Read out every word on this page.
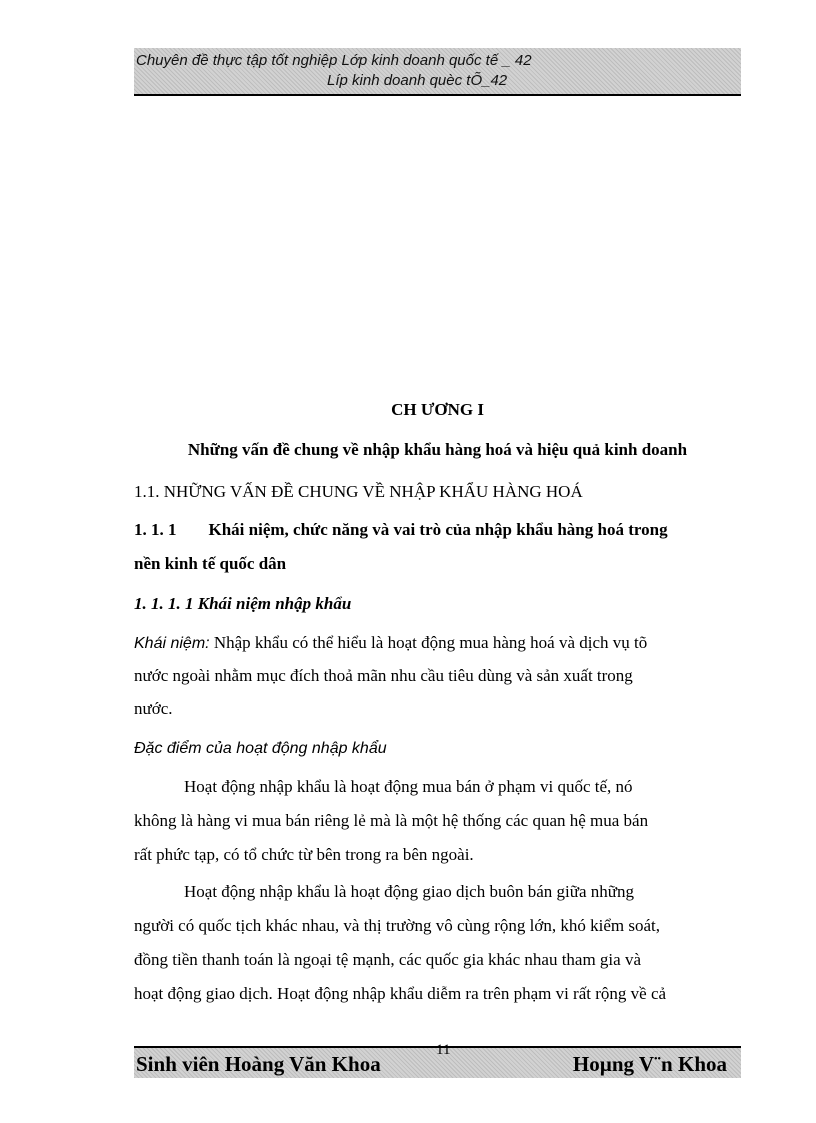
Chuyên đề thực tập tốt nghiệp Lớp kinh doanh quốc tế _ 42
Líp kinh doanh quèc tÕ_42
CH ƯƠNG I
Những vấn đề chung về nhập khẩu hàng hoá và hiệu quả kinh doanh
1.1. NHỮNG VẤN ĐỀ CHUNG VỀ NHẬP KHẨU HÀNG HOÁ
1. 1. 1 Khái niệm, chức năng và vai trò của nhập khẩu hàng hoá trong
nền kinh tế quốc dân
1. 1. 1. 1 Khái niệm nhập khẩu
Khái niệm: Nhập khẩu có thể hiểu là hoạt động mua hàng hoá và dịch vụ tõ
nước ngoài nhằm mục đích thoả mãn nhu cầu tiêu dùng và sản xuất trong
nước.
Đặc điểm của hoạt động nhập khẩu
Hoạt động nhập khẩu là hoạt động mua bán ở phạm vi quốc tế, nó
không là hàng vi mua bán riêng lẻ mà là một hệ thống các quan hệ mua bán
rất phức tạp, có tổ chức từ bên trong ra bên ngoài.
Hoạt động nhập khẩu là hoạt động giao dịch buôn bán giữa những
người có quốc tịch khác nhau, và thị trường vô cùng rộng lớn, khó kiểm soát,
đồng tiền thanh toán là ngoại tệ mạnh, các quốc gia khác nhau tham gia và
hoạt động giao dịch. Hoạt động nhập khẩu diễm ra trên phạm vi rất rộng về cả
Sinh viên Hoàng Văn Khoa
11
Hoµng V¨n Khoa
